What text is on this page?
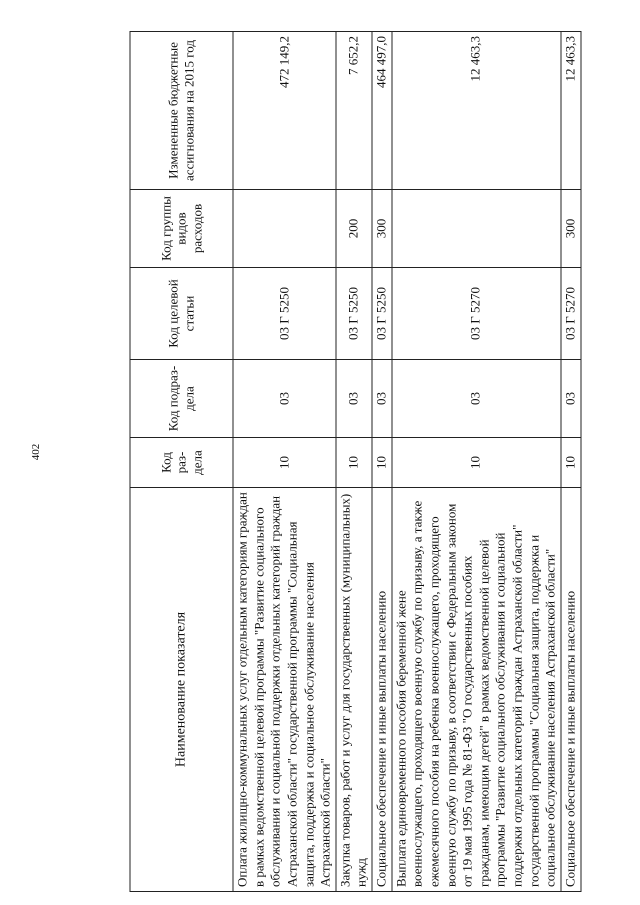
402
Наименование показателя	Код раз- дела	Код подраз- дела	Код целевой статьи	Код группы видов расходов	Измененные бюджетные ассигнования на 2015 год
Оплата жилищно-коммунальных услуг отдельным категориям граждан в рамках ведомственной целевой программы "Развитие социального обслуживания и социальной поддержки отдельных категорий граждан Астраханской области" государственной программы "Социальная защита, поддержка и социальное обслуживание населения Астраханской области"	10	03	03 Г 5250		472 149,2
Закупка товаров, работ и услуг для государственных (муниципальных) нужд	10	03	03 Г 5250	200	7 652,2
Социальное обеспечение и иные выплаты населению	10	03	03 Г 5250	300	464 497,0
Выплата единовременного пособия беременной жене военнослужащего, проходящего военную службу по призыву, а также ежемесячного пособия на ребенка военнослужащего, проходящего военную службу по призыву, в соответствии с Федеральным законом от 19 мая 1995 года № 81-ФЗ "О государственных пособиях гражданам, имеющим детей" в рамках ведомственной целевой программы "Развитие социального обслуживания и социальной поддержки отдельных категорий граждан Астраханской области" государственной программы "Социальная защита, поддержка и социальное обслуживание населения Астраханской области"	10	03	03 Г 5270		12 463,3
Социальное обеспечение и иные выплаты населению	10	03	03 Г 5270	300	12 463,3
